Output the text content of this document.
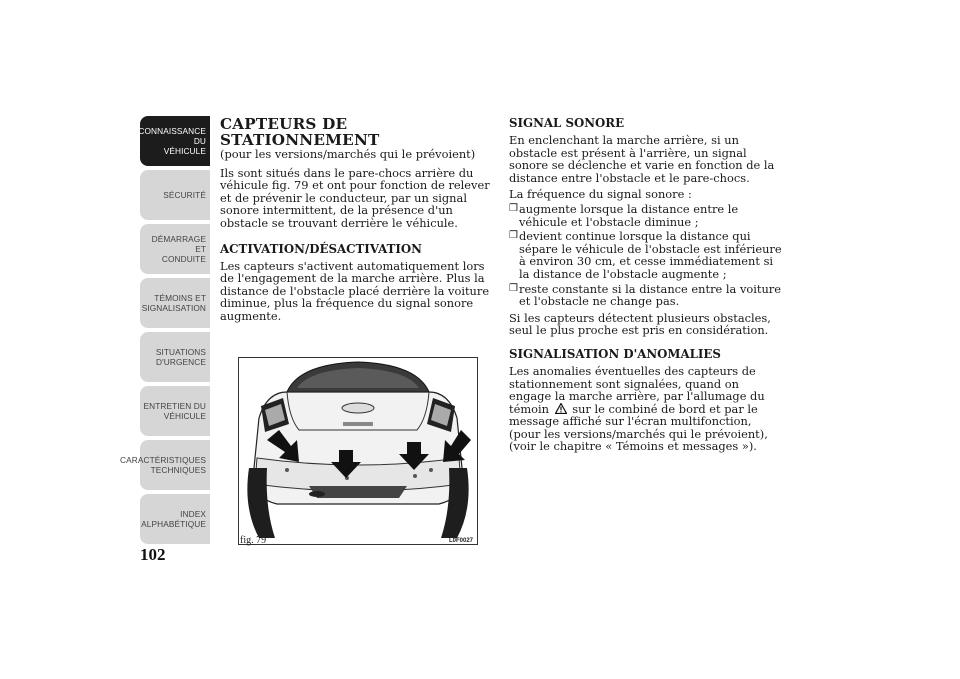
CONNAISSANCE DU
VÉHICULE
SÉCURITÉ
DÉMARRAGE ET
CONDUITE
TÉMOINS ET
SIGNALISATION
SITUATIONS
D'URGENCE
ENTRETIEN DU
VÉHICULE
CARACTÉRISTIQUES
TECHNIQUES
INDEX
ALPHABÉTIQUE
102
CAPTEURS DE STATIONNEMENT

(pour les versions/marchés qui le prévoient)

Ils sont situés dans le pare-chocs arrière du véhicule fig. 79 et ont pour fonction de relever et de prévenir le conducteur, par un signal sonore intermittent, de la présence d'un obstacle se trouvant derrière le véhicule.

ACTIVATION/DÉSACTIVATION

Les capteurs s'activent automatiquement lors de l'engagement de la marche arrière. Plus la distance de l'obstacle placé derrière la voiture diminue, plus la fréquence du signal sonore augmente.

fig. 79	L0F0027
SIGNAL SONORE

En enclenchant la marche arrière, si un obstacle est présent à l'arrière, un signal sonore se déclenche et varie en fonction de la distance entre l'obstacle et le pare-chocs.

La fréquence du signal sonore :

❒ augmente lorsque la distance entre le véhicule et l'obstacle diminue ;
❒ devient continue lorsque la distance qui sépare le véhicule de l'obstacle est inférieure à environ 30 cm, et cesse immédiatement si la distance de l'obstacle augmente ;
❒ reste constante si la distance entre la voiture et l'obstacle ne change pas.

Si les capteurs détectent plusieurs obstacles, seul le plus proche est pris en considération.

SIGNALISATION D'ANOMALIES

Les anomalies éventuelles des capteurs de stationnement sont signalées, quand on engage la marche arrière, par l'allumage du témoin sur le combiné de bord et par le message affiché sur l'écran multifonction, (pour les versions/marchés qui le prévoient), (voir le chapitre « Témoins et messages »).
